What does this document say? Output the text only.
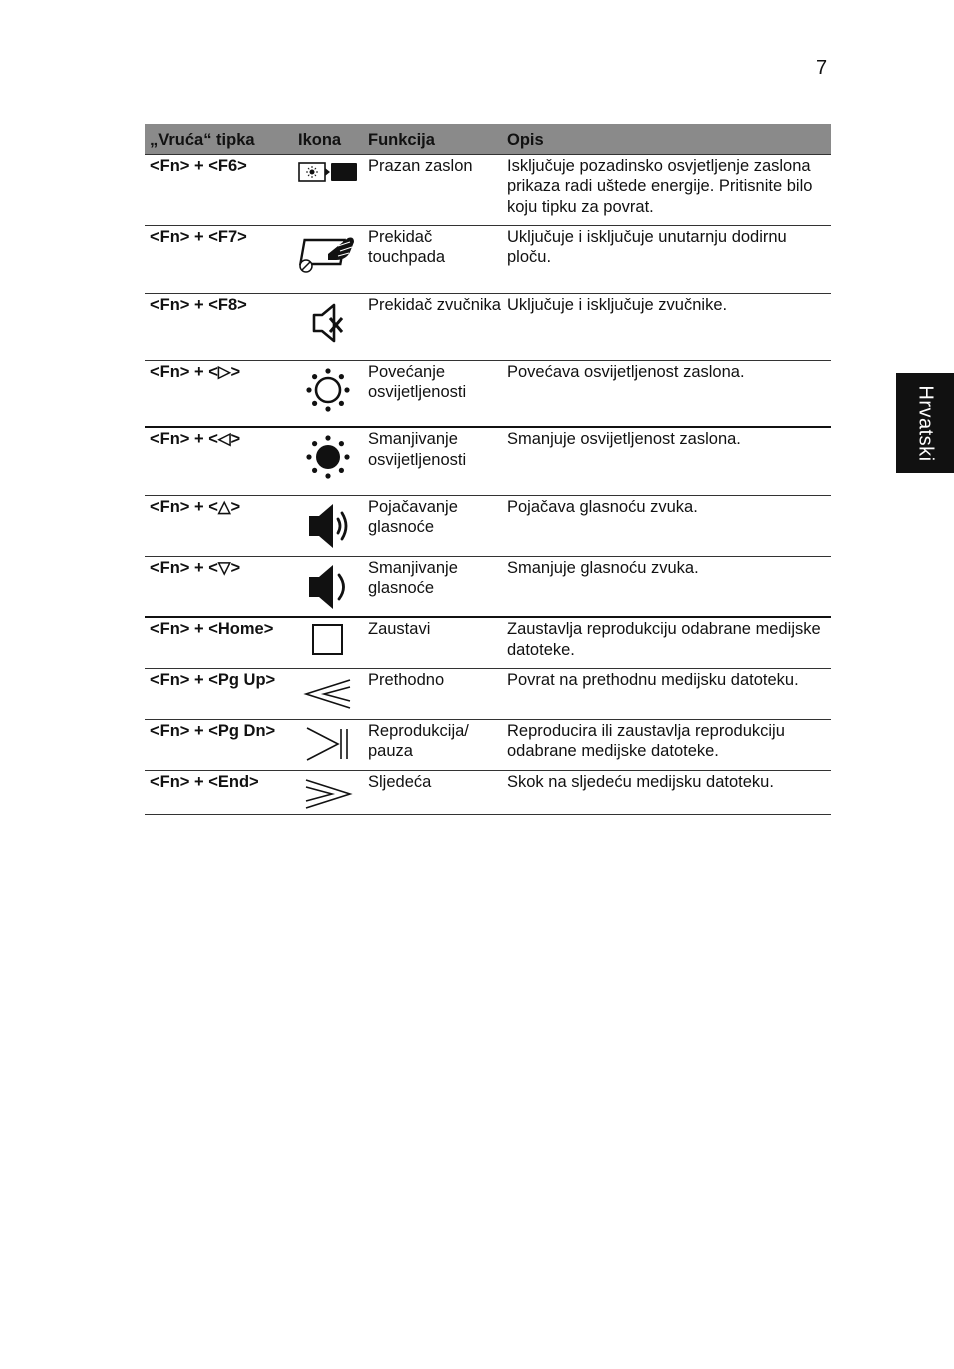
7
Hrvatski
„Vruća“ tipka	Ikona	Funkcija	Opis
<Fn> + <F6>		Prazan zaslon	Isključuje pozadinsko osvjetljenje zaslona prikaza radi uštede energije. Pritisnite bilo koju tipku za povrat.
<Fn> + <F7>		Prekidač touchpada	Uključuje i isključuje unutarnju dodirnu ploču.
<Fn> + <F8>		Prekidač zvučnika	Uključuje i isključuje zvučnike.
<Fn> + <▷>		Povećanje osvijetljenosti	Povećava osvijetljenost zaslona.
<Fn> + <◁>		Smanjivanje osvijetljenosti	Smanjuje osvijetljenost zaslona.
<Fn> + <△>		Pojačavanje glasnoće	Pojačava glasnoću zvuka.
<Fn> + <▽>		Smanjivanje glasnoće	Smanjuje glasnoću zvuka.
<Fn> + <Home>		Zaustavi	Zaustavlja reprodukciju odabrane medijske datoteke.
<Fn> + <Pg Up>		Prethodno	Povrat na prethodnu medijsku datoteku.
<Fn> + <Pg Dn>		Reprodukcija/ pauza	Reproducira ili zaustavlja reprodukciju odabrane medijske datoteke.
<Fn> + <End>		Sljedeća	Skok na sljedeću medijsku datoteku.
